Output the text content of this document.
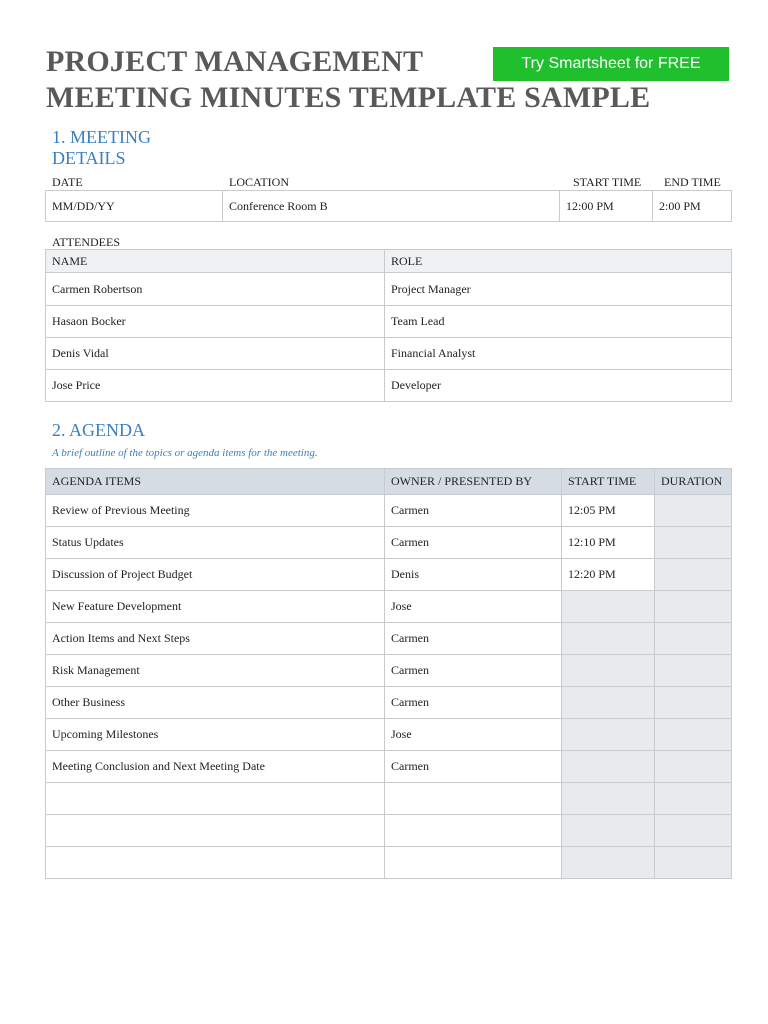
PROJECT MANAGEMENT
MEETING MINUTES TEMPLATE SAMPLE
Try Smartsheet for FREE
1. MEETING
DETAILS
DATE	LOCATION	START TIME END TIME
MM/DD/YY	Conference Room B	12:00 PM	2:00 PM
ATTENDEES
NAME	ROLE
Carmen Robertson	Project Manager
Hasaon Bocker	Team Lead
Denis Vidal	Financial Analyst
Jose Price	Developer
2. AGENDA

A brief outline of the topics or agenda items for the meeting.

AGENDA ITEMS	OWNER / PRESENTED BY	START TIME	DURATION
Review of Previous Meeting	Carmen	12:05 PM	
Status Updates	Carmen	12:10 PM	
Discussion of Project Budget	Denis	12:20 PM	
New Feature Development	Jose		
Action Items and Next Steps	Carmen		
Risk Management	Carmen		
Other Business	Carmen		
Upcoming Milestones	Jose		
Meeting Conclusion and Next Meeting Date	Carmen		
